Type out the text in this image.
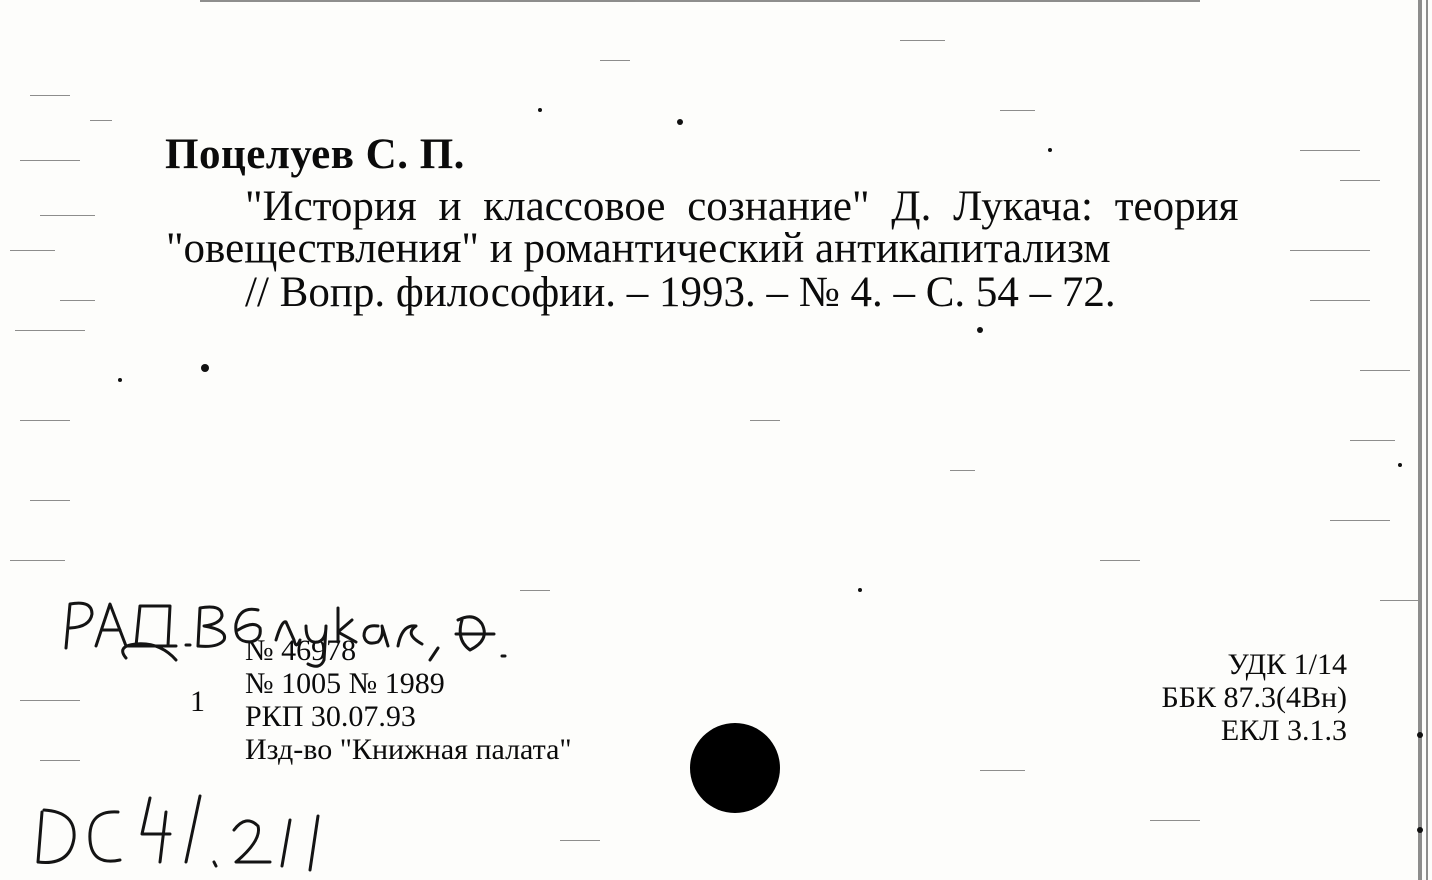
Поцелуев С. П.

"История и классовое сознание" Д. Лукача: теория

"овеществления" и романтический антикапитализм

// Вопр. философии. – 1993. – № 4. – С. 54 – 72.

№ 46978
№ 1005 № 1989
РКП 30.07.93
Изд-во "Книжная палата"
1
УДК 1/14
ББК 87.3(4Вн)
ЕКЛ 3.1.3
